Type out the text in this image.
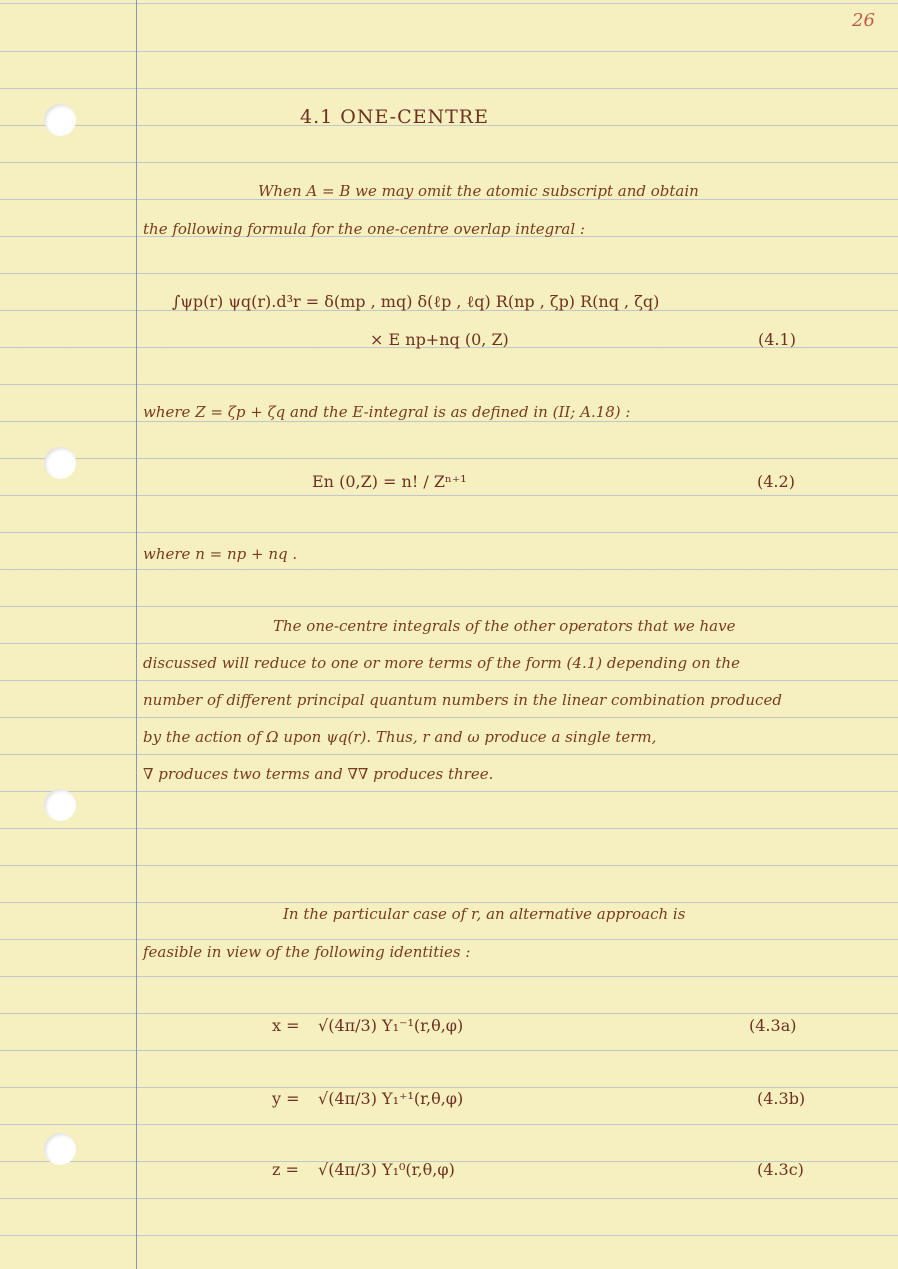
26
4.1 ONE-CENTRE
When A = B we may omit the atomic subscript and obtain
the following formula for the one-centre overlap integral :
∫ψp(r) ψq(r).d³r = δ(mp , mq) δ(ℓp , ℓq) R(np , ζp) R(nq , ζq)
× E np+nq (0, Z)	(4.1)
where Z = ζp + ζq and the E-integral is as defined in (II; A.18) :
En (0,Z) = n! / Zⁿ⁺¹	(4.2)
where n = np + nq .
The one-centre integrals of the other operators that we have
discussed will reduce to one or more terms of the form (4.1) depending on the
number of different principal quantum numbers in the linear combination produced
by the action of Ω upon ψq(r). Thus, r and ω produce a single term,
∇ produces two terms and ∇∇ produces three.
In the particular case of r, an alternative approach is
feasible in view of the following identities :
x = √(4π/3) Y₁⁻¹(r,θ,φ)	(4.3a)
y = √(4π/3) Y₁⁺¹(r,θ,φ)	(4.3b)
z = √(4π/3) Y₁⁰(r,θ,φ)	(4.3c)
